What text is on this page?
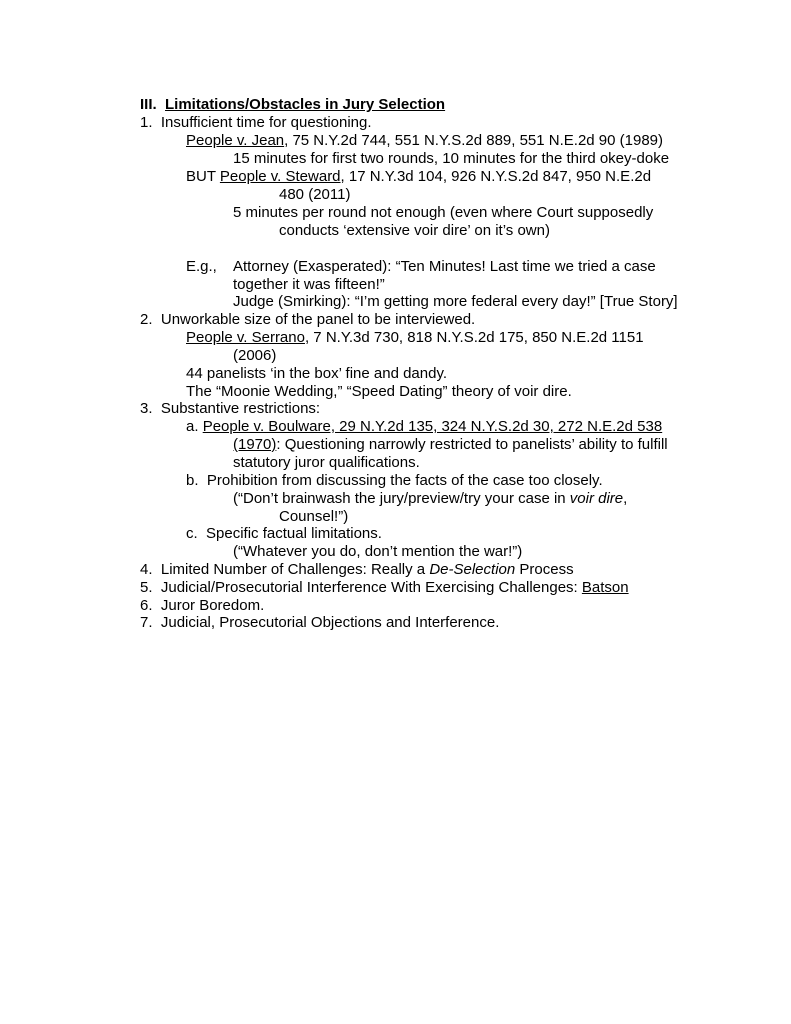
III. Limitations/Obstacles in Jury Selection
1. Insufficient time for questioning.
People v. Jean, 75 N.Y.2d 744, 551 N.Y.S.2d 889, 551 N.E.2d 90 (1989)
15 minutes for first two rounds, 10 minutes for the third okey-doke
BUT People v. Steward, 17 N.Y.3d 104, 926 N.Y.S.2d 847, 950 N.E.2d
480 (2011)
5 minutes per round not enough (even where Court supposedly
conducts ‘extensive voir dire’ on it’s own)
E.g., Attorney (Exasperated): “Ten Minutes! Last time we tried a case
together it was fifteen!”
Judge (Smirking): “I’m getting more federal every day!” [True Story]
2. Unworkable size of the panel to be interviewed.
People v. Serrano, 7 N.Y.3d 730, 818 N.Y.S.2d 175, 850 N.E.2d 1151
(2006)
44 panelists ‘in the box’ fine and dandy.
The “Moonie Wedding,” “Speed Dating” theory of voir dire.
3. Substantive restrictions:
a. People v. Boulware, 29 N.Y.2d 135, 324 N.Y.S.2d 30, 272 N.E.2d 538
(1970): Questioning narrowly restricted to panelists’ ability to fulfill
statutory juror qualifications.
b. Prohibition from discussing the facts of the case too closely.
(“Don’t brainwash the jury/preview/try your case in voir dire,
Counsel!”)
c. Specific factual limitations.
(“Whatever you do, don’t mention the war!”)
4. Limited Number of Challenges: Really a De-Selection Process
5. Judicial/Prosecutorial Interference With Exercising Challenges: Batson
6. Juror Boredom.
7. Judicial, Prosecutorial Objections and Interference.
